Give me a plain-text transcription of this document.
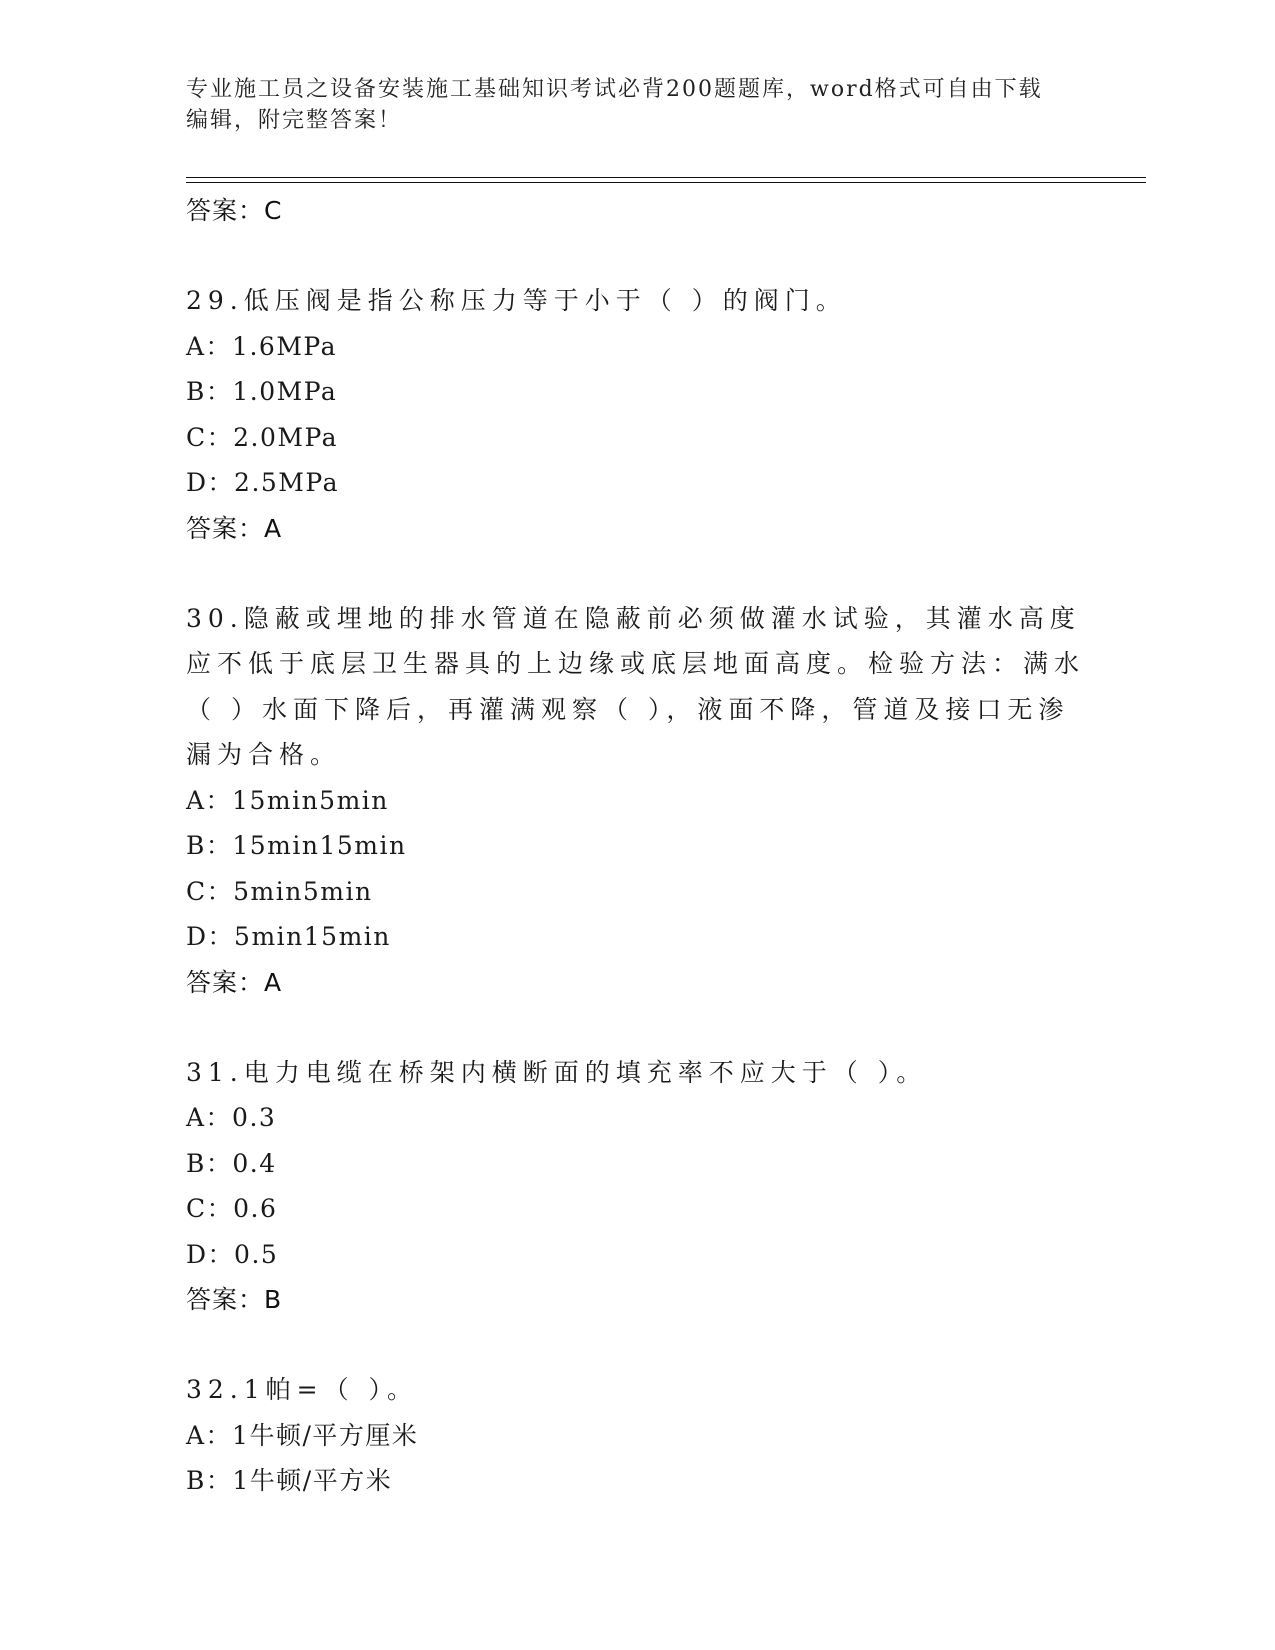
专业施工员之设备安装施工基础知识考试必背200题题库，word格式可自由下载
编辑，附完整答案！
答案：C
29.低压阀是指公称压力等于小于（ ）的阀门。
A：1.6MPa
B：1.0MPa
C：2.0MPa
D：2.5MPa
答案：A
30.隐蔽或埋地的排水管道在隐蔽前必须做灌水试验，其灌水高度应不低于底层卫生器具的上边缘或底层地面高度。检验方法：满水（ ）水面下降后，再灌满观察（ ），液面不降，管道及接口无渗漏为合格。
A：15min5min
B：15min15min
C：5min5min
D：5min15min
答案：A
31.电力电缆在桥架内横断面的填充率不应大于（ ）。
A：0.3
B：0.4
C：0.6
D：0.5
答案：B
32.1帕=（ ）。
A：1牛顿/平方厘米
B：1牛顿/平方米
